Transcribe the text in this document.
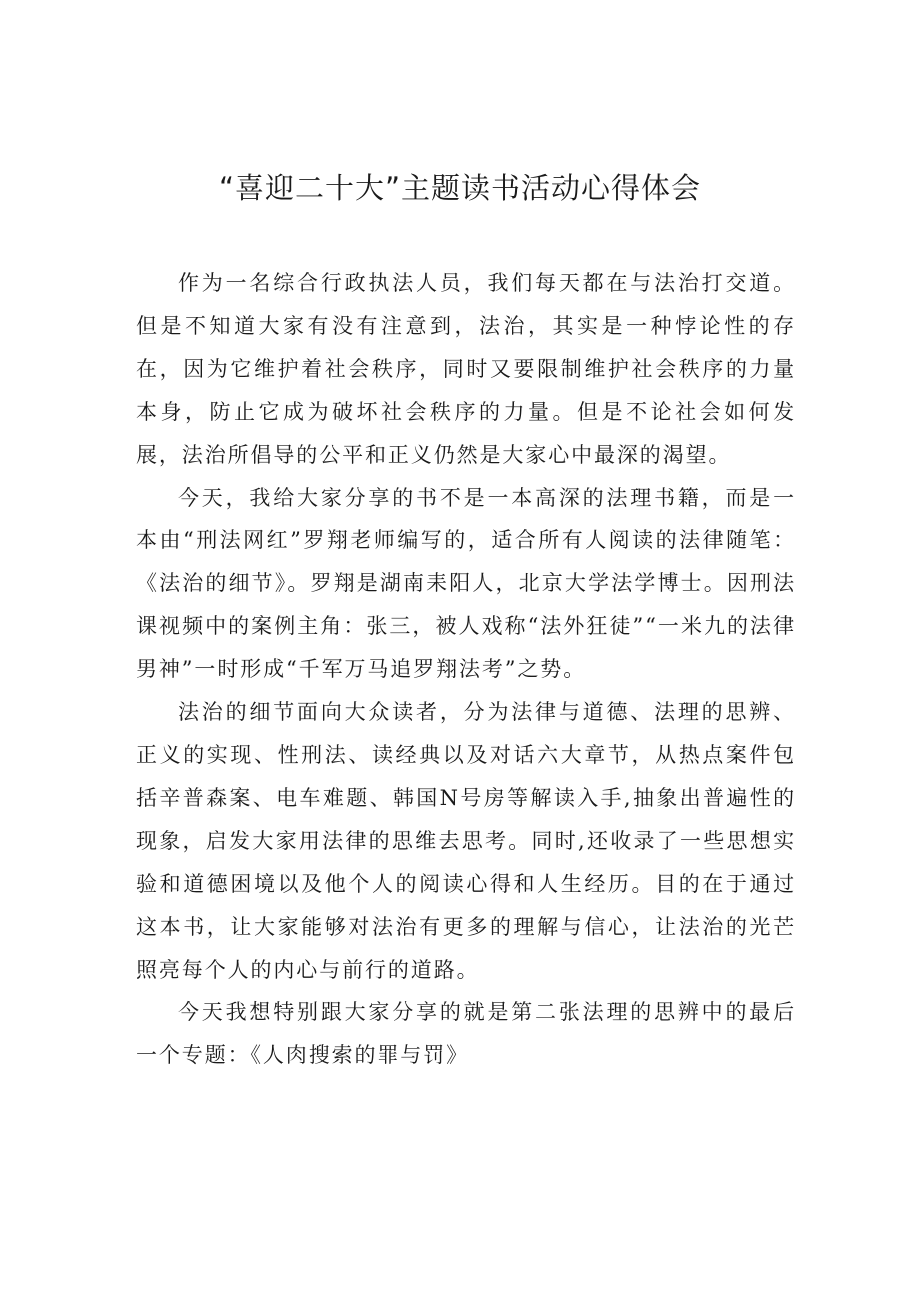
“喜迎二十大”主题读书活动心得体会

作为一名综合行政执法人员，我们每天都在与法治打交道。但是不知道大家有没有注意到，法治，其实是一种悖论性的存在，因为它维护着社会秩序，同时又要限制维护社会秩序的力量本身，防止它成为破坏社会秩序的力量。但是不论社会如何发展，法治所倡导的公平和正义仍然是大家心中最深的渴望。

今天，我给大家分享的书不是一本高深的法理书籍，而是一本由“刑法网红”罗翔老师编写的，适合所有人阅读的法律随笔：《法治的细节》。罗翔是湖南耒阳人，北京大学法学博士。因刑法课视频中的案例主角：张三，被人戏称“法外狂徒”“一米九的法律男神”一时形成“千军万马追罗翔法考”之势。

法治的细节面向大众读者，分为法律与道德、法理的思辨、正义的实现、性刑法、读经典以及对话六大章节，从热点案件包括辛普森案、电车难题、韩国N号房等解读入手,抽象出普遍性的现象，启发大家用法律的思维去思考。同时,还收录了一些思想实验和道德困境以及他个人的阅读心得和人生经历。目的在于通过这本书，让大家能够对法治有更多的理解与信心，让法治的光芒照亮每个人的内心与前行的道路。

今天我想特别跟大家分享的就是第二张法理的思辨中的最后一个专题：《人肉搜索的罪与罚》
